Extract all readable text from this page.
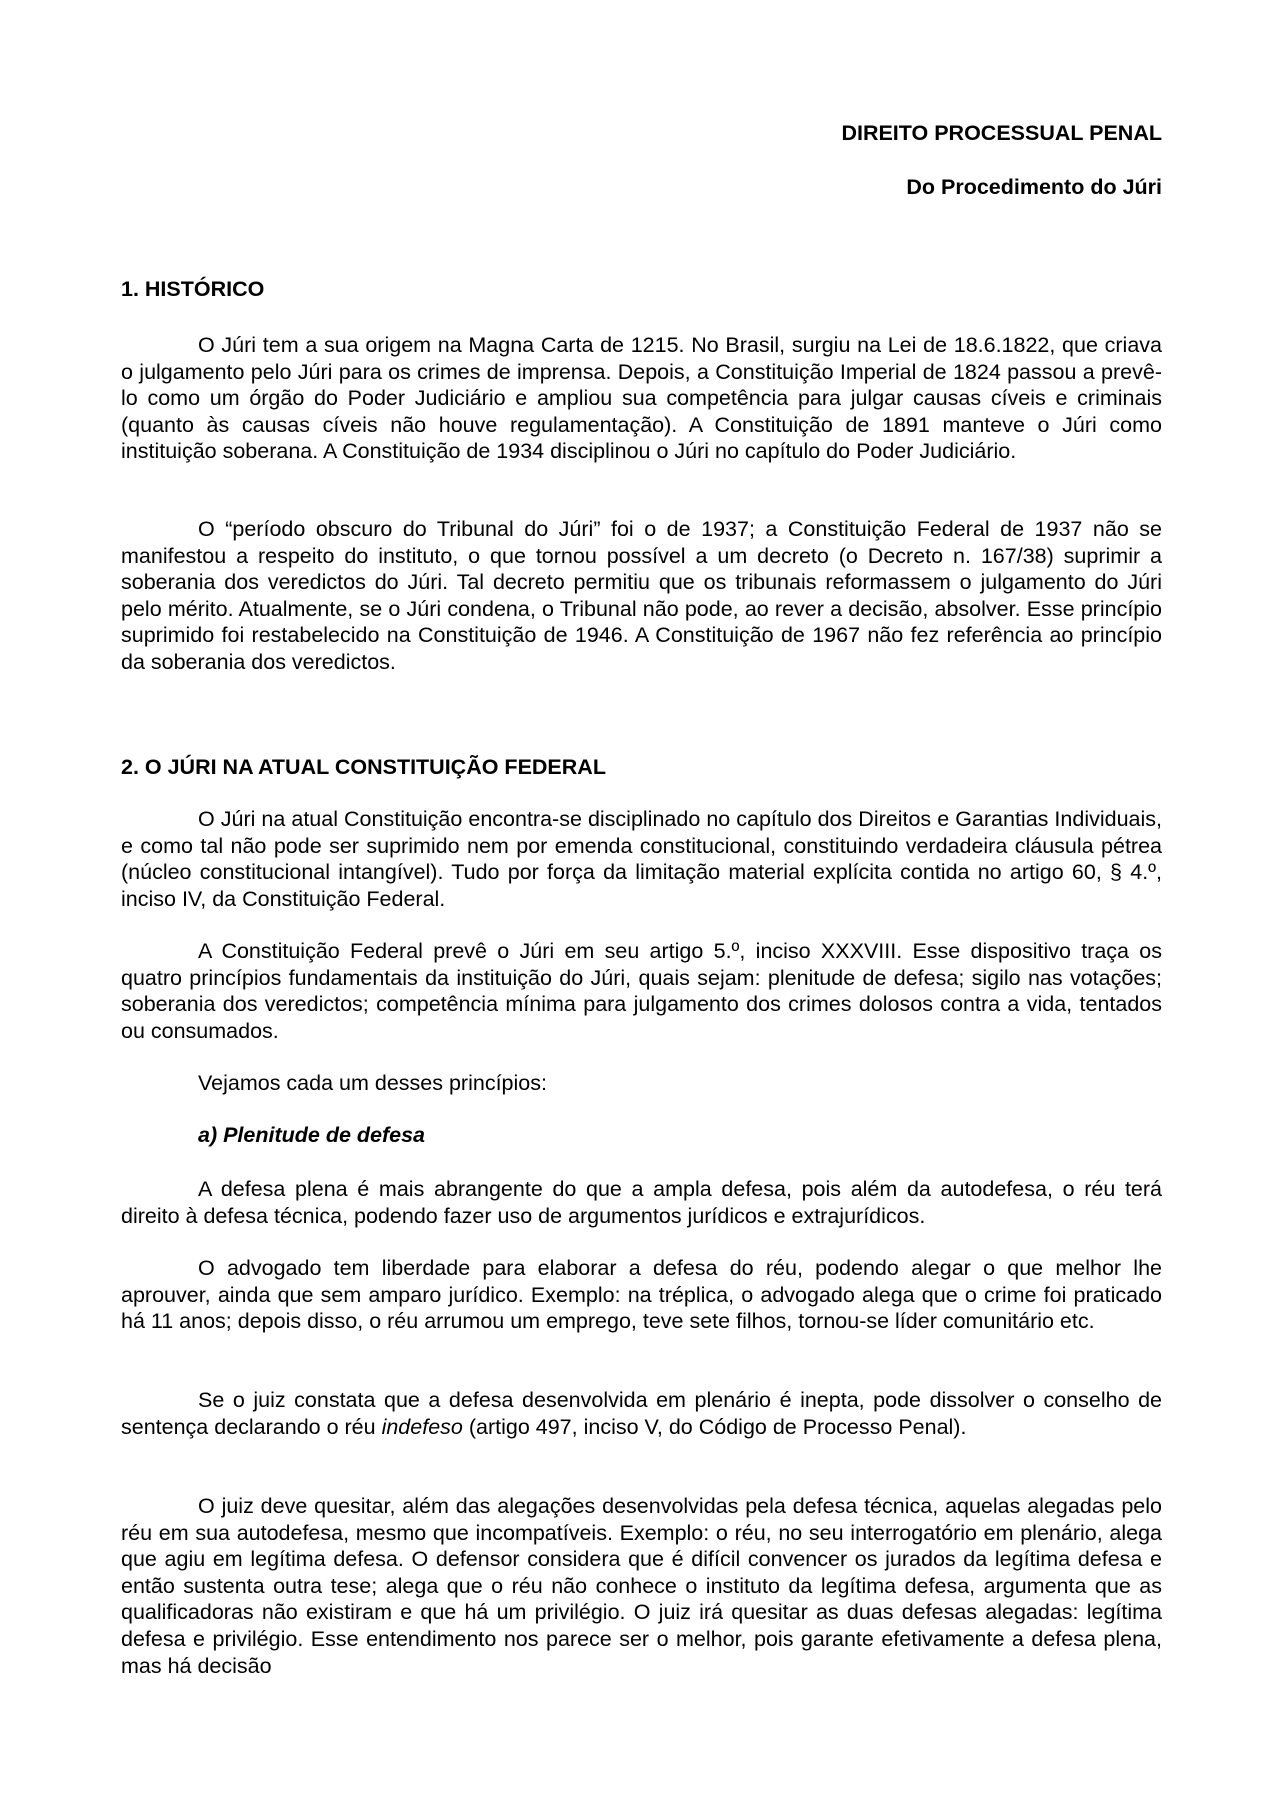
DIREITO PROCESSUAL PENAL
Do Procedimento do Júri
1. HISTÓRICO

O Júri tem a sua origem na Magna Carta de 1215. No Brasil, surgiu na Lei de 18.6.1822, que criava o julgamento pelo Júri para os crimes de imprensa. Depois, a Constituição Imperial de 1824 passou a prevê-lo como um órgão do Poder Judiciário e ampliou sua competência para julgar causas cíveis e criminais (quanto às causas cíveis não houve regulamentação). A Constituição de 1891 manteve o Júri como instituição soberana. A Constituição de 1934 disciplinou o Júri no capítulo do Poder Judiciário.

O “período obscuro do Tribunal do Júri” foi o de 1937; a Constituição Federal de 1937 não se manifestou a respeito do instituto, o que tornou possível a um decreto (o Decreto n. 167/38) suprimir a soberania dos veredictos do Júri. Tal decreto permitiu que os tribunais reformassem o julgamento do Júri pelo mérito. Atualmente, se o Júri condena, o Tribunal não pode, ao rever a decisão, absolver. Esse princípio suprimido foi restabelecido na Constituição de 1946. A Constituição de 1967 não fez referência ao princípio da soberania dos veredictos.

2. O JÚRI NA ATUAL CONSTITUIÇÃO FEDERAL

O Júri na atual Constituição encontra-se disciplinado no capítulo dos Direitos e Garantias Individuais, e como tal não pode ser suprimido nem por emenda constitucional, constituindo verdadeira cláusula pétrea (núcleo constitucional intangível). Tudo por força da limitação material explícita contida no artigo 60, § 4.º, inciso IV, da Constituição Federal.

A Constituição Federal prevê o Júri em seu artigo 5.º, inciso XXXVIII. Esse dispositivo traça os quatro princípios fundamentais da instituição do Júri, quais sejam: plenitude de defesa; sigilo nas votações; soberania dos veredictos; competência mínima para julgamento dos crimes dolosos contra a vida, tentados ou consumados.

Vejamos cada um desses princípios:

a) Plenitude de defesa

A defesa plena é mais abrangente do que a ampla defesa, pois além da autodefesa, o réu terá direito à defesa técnica, podendo fazer uso de argumentos jurídicos e extrajurídicos.

O advogado tem liberdade para elaborar a defesa do réu, podendo alegar o que melhor lhe aprouver, ainda que sem amparo jurídico. Exemplo: na tréplica, o advogado alega que o crime foi praticado há 11 anos; depois disso, o réu arrumou um emprego, teve sete filhos, tornou-se líder comunitário etc.

Se o juiz constata que a defesa desenvolvida em plenário é inepta, pode dissolver o conselho de sentença declarando o réu indefeso (artigo 497, inciso V, do Código de Processo Penal).

O juiz deve quesitar, além das alegações desenvolvidas pela defesa técnica, aquelas alegadas pelo réu em sua autodefesa, mesmo que incompatíveis. Exemplo: o réu, no seu interrogatório em plenário, alega que agiu em legítima defesa. O defensor considera que é difícil convencer os jurados da legítima defesa e então sustenta outra tese; alega que o réu não conhece o instituto da legítima defesa, argumenta que as qualificadoras não existiram e que há um privilégio. O juiz irá quesitar as duas defesas alegadas: legítima defesa e privilégio. Esse entendimento nos parece ser o melhor, pois garante efetivamente a defesa plena, mas há decisão
